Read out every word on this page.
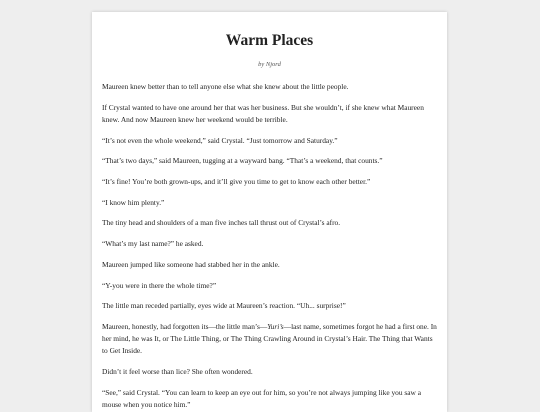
Warm Places
by Njord

Maureen knew better than to tell anyone else what she knew about the little people.

If Crystal wanted to have one around her that was her business. But she wouldn’t, if she knew what Maureen knew. And now Maureen knew her weekend would be terrible.

“It’s not even the whole weekend,” said Crystal. “Just tomorrow and Saturday.”

“That’s two days,” said Maureen, tugging at a wayward bang. “That’s a weekend, that counts.”

“It’s fine! You’re both grown-ups, and it’ll give you time to get to know each other better.”

“I know him plenty.”

The tiny head and shoulders of a man five inches tall thrust out of Crystal’s afro.

“What’s my last name?” he asked.

Maureen jumped like someone had stabbed her in the ankle.

“Y-you were in there the whole time?”

The little man receded partially, eyes wide at Maureen’s reaction. “Uh... surprise!”

Maureen, honestly, had forgotten its—the little man’s—Yuri’s—last name, sometimes forgot he had a first one. In her mind, he was It, or The Little Thing, or The Thing Crawling Around in Crystal’s Hair. The Thing that Wants to Get Inside.

Didn’t it feel worse than lice? She often wondered.

“See,” said Crystal. “You can learn to keep an eye out for him, so you’re not always jumping like you saw a mouse when you notice him.”
